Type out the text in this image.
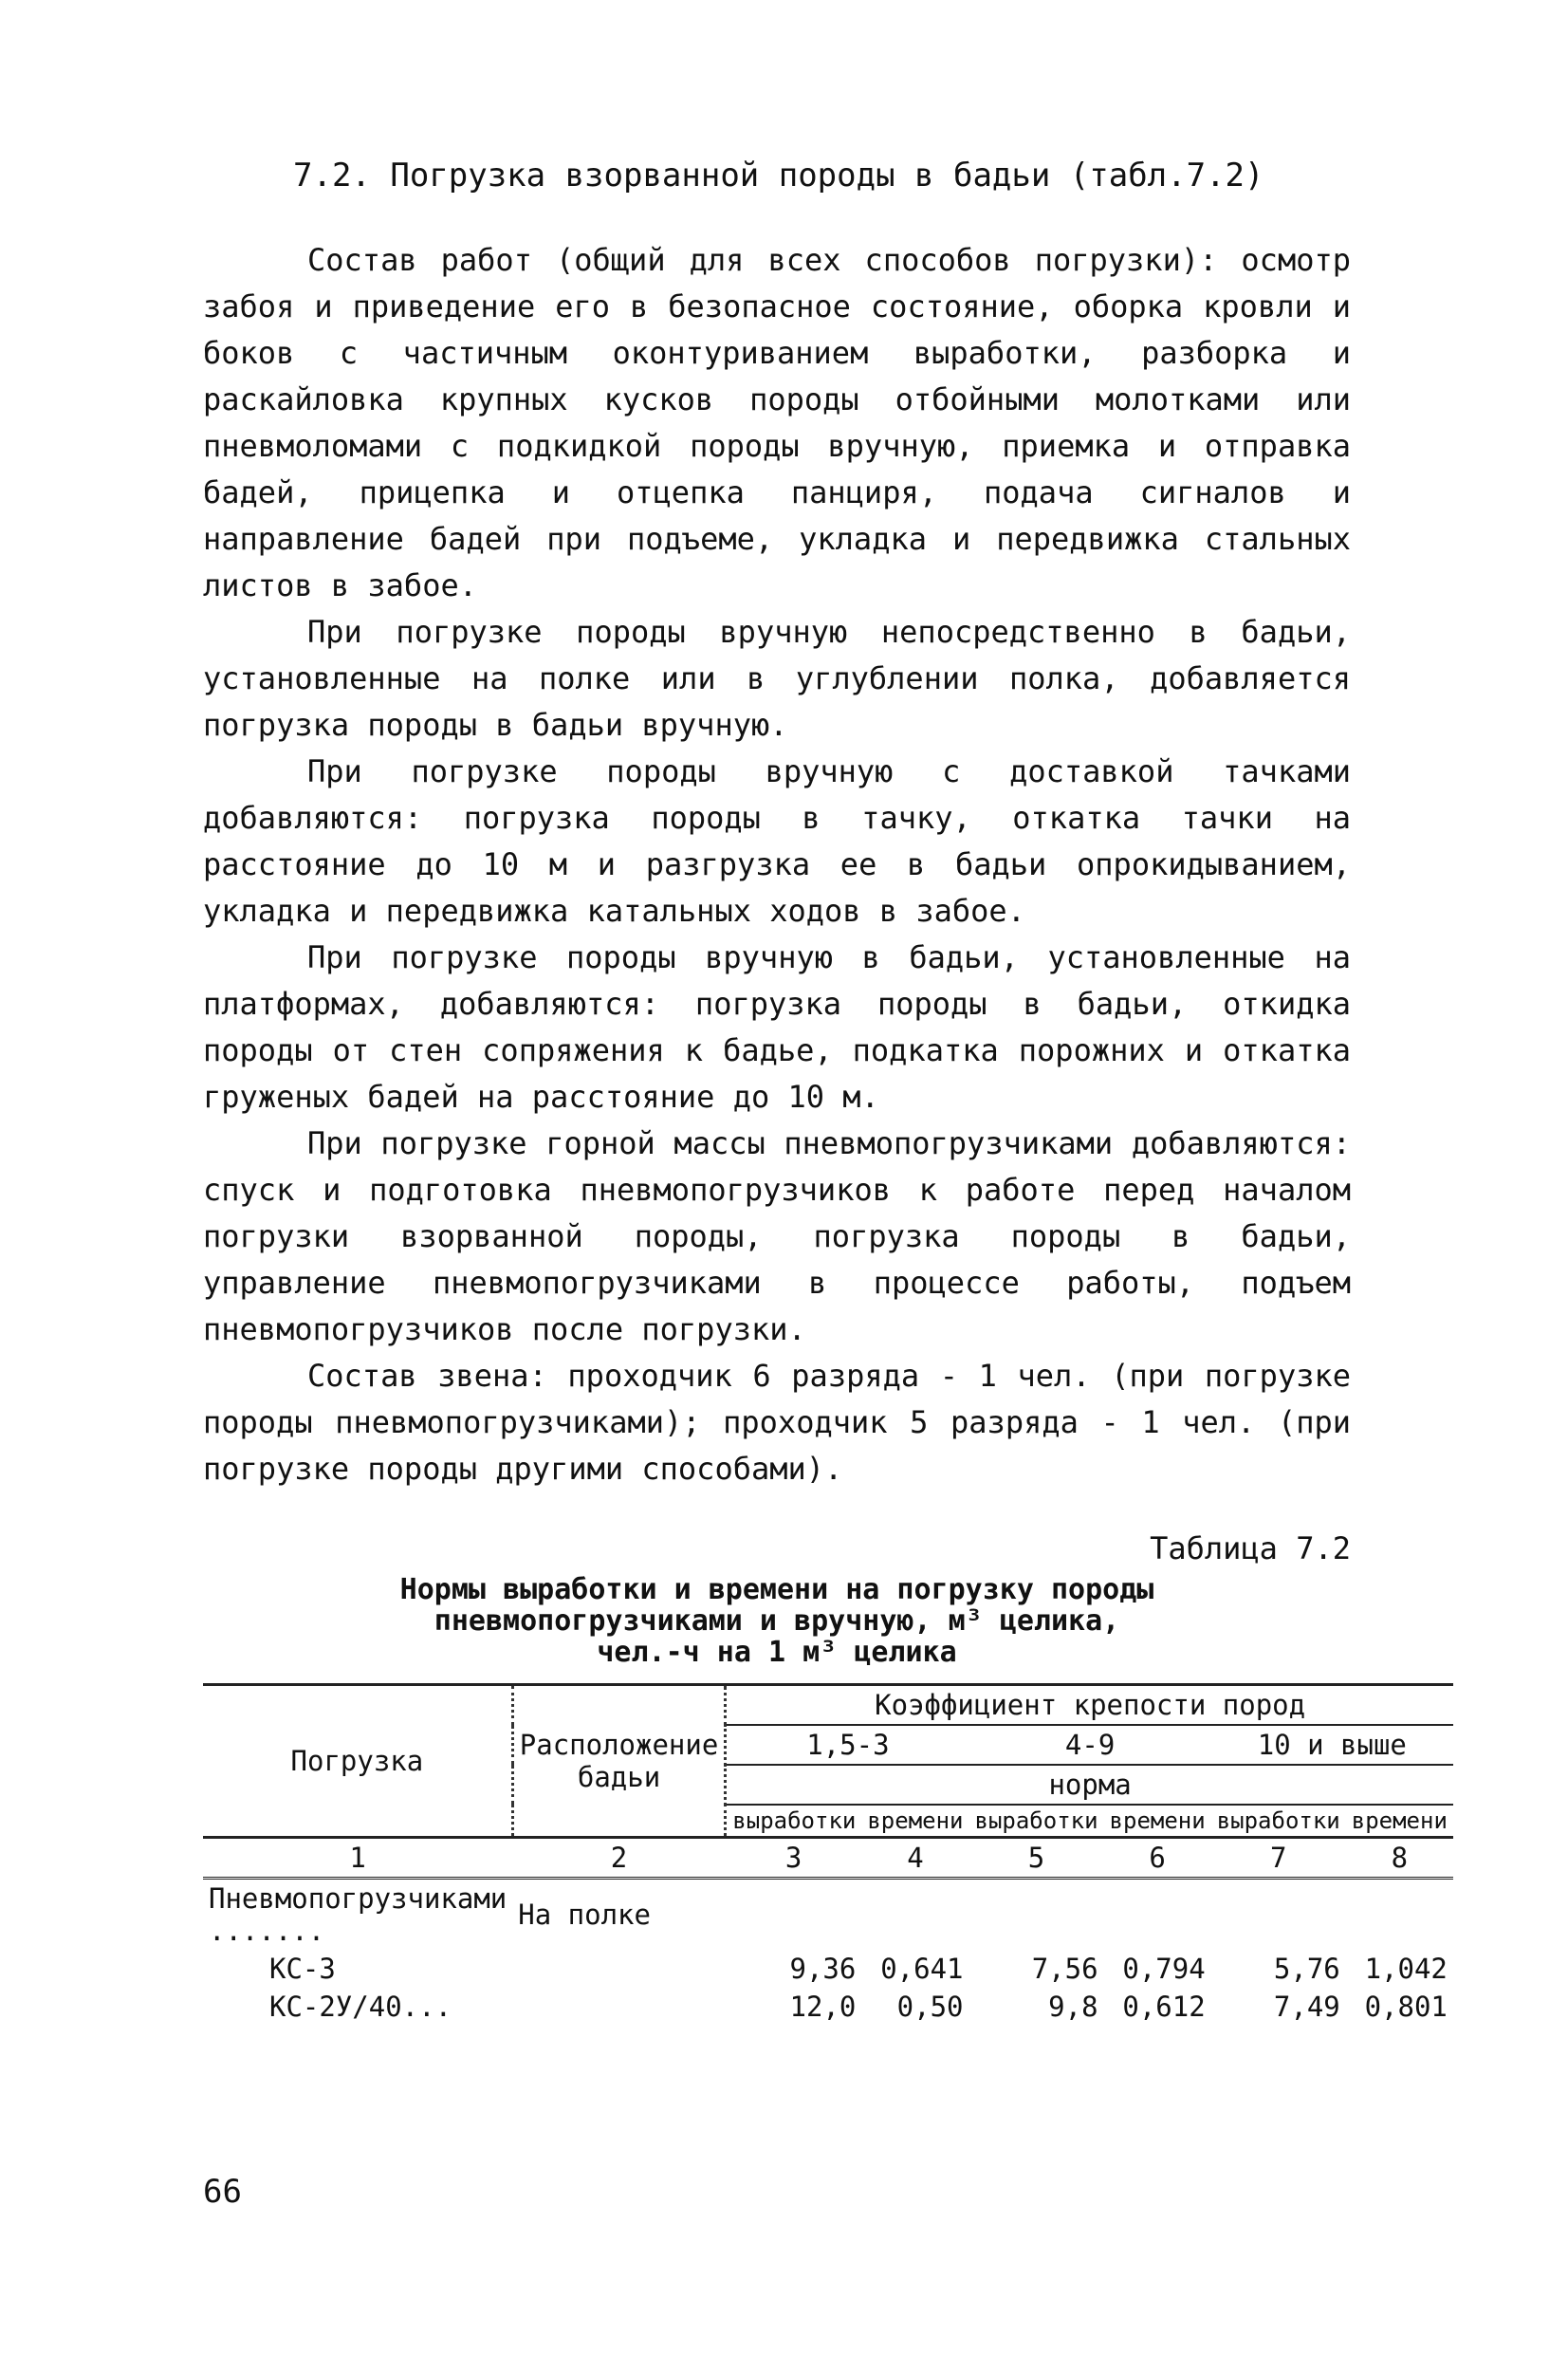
7.2. Погрузка взорванной породы в бадьи (табл.7.2)

Состав работ (общий для всех способов погрузки): осмотр забоя и приведение его в безопасное состояние, оборка кровли и боков с частичным оконтуриванием выработки, разборка и раскайловка крупных кусков породы отбойными молотками или пневмоломами с подкидкой породы вручную, приемка и отправка бадей, прицепка и отцепка панциря, подача сигналов и направление бадей при подъеме, укладка и передвижка стальных листов в забое.

При погрузке породы вручную непосредственно в бадьи, установленные на полке или в углублении полка, добавляется погрузка породы в бадьи вручную.

При погрузке породы вручную с доставкой тачками добавляются: погрузка породы в тачку, откатка тачки на расстояние до 10 м и разгрузка ее в бадьи опрокидыванием, укладка и передвижка катальных ходов в забое.

При погрузке породы вручную в бадьи, установленные на платформах, добавляются: погрузка породы в бадьи, откидка породы от стен сопряжения к бадье, подкатка порожних и откатка груженых бадей на расстояние до 10 м.

При погрузке горной массы пневмопогрузчиками добавляются: спуск и подготовка пневмопогрузчиков к работе перед началом погрузки взорванной породы, погрузка породы в бадьи, управление пневмопогрузчиками в процессе работы, подъем пневмопогрузчиков после погрузки.

Состав звена: проходчик 6 разряда - 1 чел. (при погрузке породы пневмопогрузчиками); проходчик 5 разряда - 1 чел. (при погрузке породы другими способами).

Таблица 7.2
Нормы выработки и времени на погрузку породы
пневмопогрузчиками и вручную, м³ целика,
чел.-ч на 1 м³ целика
Погрузка	Расположение бадьи	Коэффициент крепости пород					
		1,5-3		4-9		10 и выше	
		норма					
		выработки	времени	выработки	времени	выработки	времени
1	2	3	4	5	6	7	8
Пневмопогрузчиками .......	На полке						
КС-3		9,36	0,641	7,56	0,794	5,76	1,042
КС-2У/40...		12,0	0,50	9,8	0,612	7,49	0,801
66
